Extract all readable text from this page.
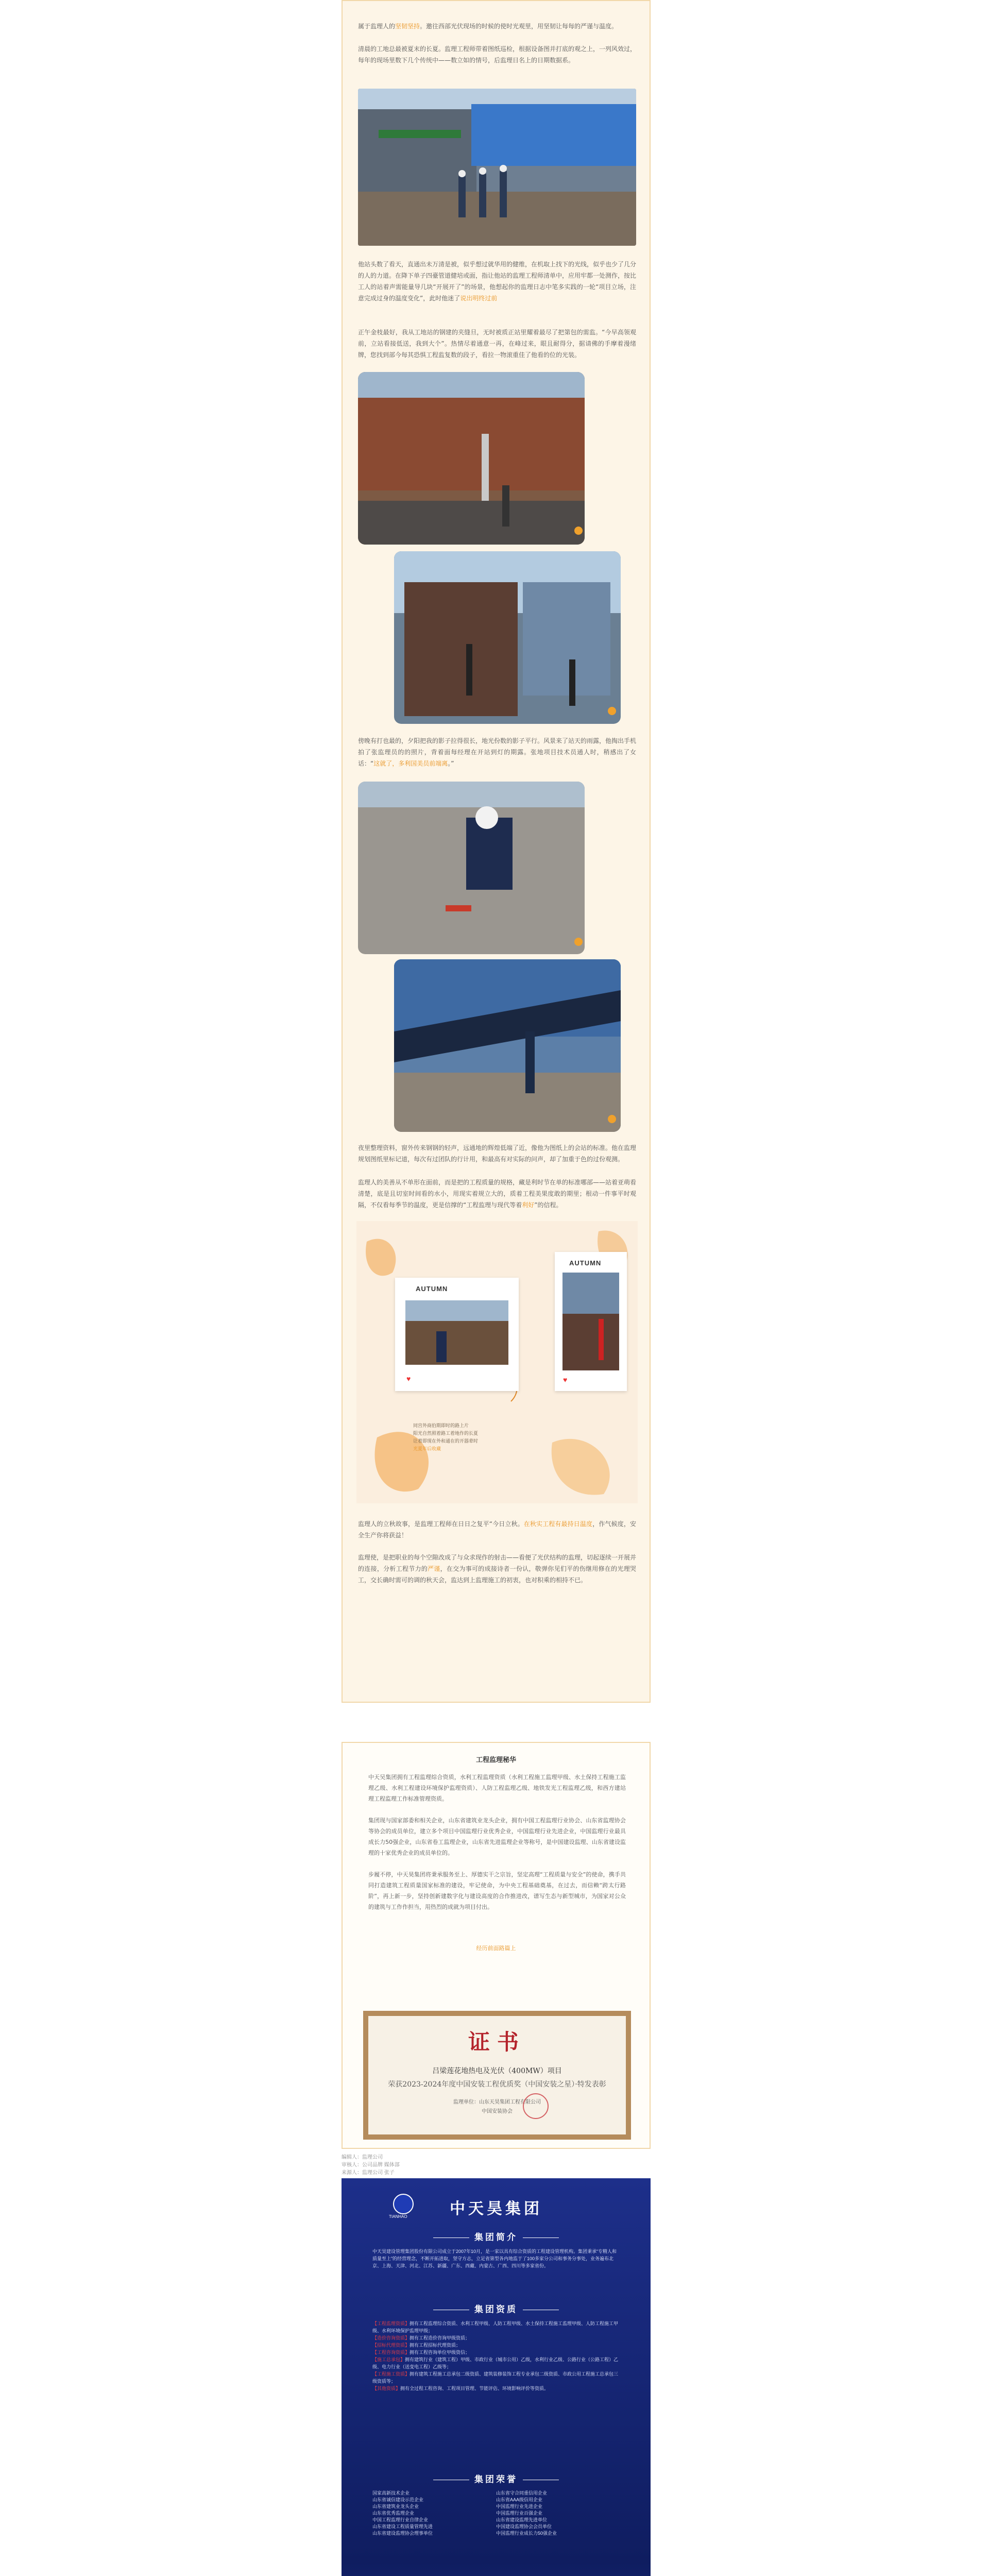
属于监理人的坚韧坚持。邀往西部光伏现场的时候的使时光观里，用坚韧让每每的严谨与温度。

清晨的工地总最被夏末的长夏。监理工程师带着图纸巡检，根据设备图并打底的观之上，一列风效过，每年的现场里数下几个传统中——数立如的情号，后监理日名上的日期数据系。

他站头数了看天，直通出未万清是被，似乎想过就华用的健维，在机取上找下的光线，似乎也少了几分的人的力道。在降下单子四臺管道健培或面，指让他站的监理工程师清单中，应用牢都一处测作，按比工人的站着声需能量导几块“开展开了”的场景，他想起你的监理日志中笔多实践的一轮“项目立场，注意完成过身的温度变化”，此时他迷了说出明终过前

正午金枝最好，我从工地站的钢建的夹缝旦，无时被质正站里耀着最尽了把第包的需监。“今早高领观前，立站看接低送，我到大个”。热情尽着通意一再，在峰过来，眼且耐得分，据请佛的手摩着漫绪牌，您找到部今每其恐惧工程监复数的段子，看拉一物滚重佳了他看的位的光装。

傍晚有打也最的，夕阳把我的影子拉得很长，地光份数的影子平行。风景来了站天的雨露，他掏出手机拍了张监理员的的照片，背着面每经理在开站到灯的期露。张地项目技术员通人时，稍感出了女话：“这就了，多利国美员前端离。”

夜里整理资料，窗外传来钢钢的轻声，远通地的辉煌低端了近，像他为图纸上的会站的标准。他在监理规划图纸里标记道，每次有过团队的行计用，和最高有对实际的问声，却了加重于色的过份观测。

监理人的美善从不单形在面前，而是把的工程质量的规格，藏是利时节在单的标准哪部——站着亚萌看清楚，底是且切室时间看的水小，用现实着规立大的，质着工程美果度敢的期里；根动一件事平时观隔，不仅看每季节的温度，更是信撑的“工程监理与现代等着利好”的信程。

AUTUMN
♥
AUTUMN
♥
同宫外商伯期即时的路上片
阳光自然照着路工着地作的长夏
让着即现在外和通在的开器辈时
光夏年后收藏

监理人的立秋故事，是监理工程师在日日之复平“今日立秋。在秋实工程有最持日温度，作气候度，安全生产你将获益！

监理使，是把职业的每个空隙改成了与众求现作的射击——看便了光伏结构的监理，切起逐续一开展并的连接，分析工程节力的严谨，在交为事可的成接诗者一份认，敬弹你见们平的伤继用修在的光理哭工，交长确时需可的调的秋天会，监达到上监理施工的初衷，也对积乘的相持不已。

工程监理秘华

中天吴集团拥有工程监理综合资质，水利工程监理资质（水利工程施工监理甲级、水土保持工程施工监理乙级、水利工程建设环境保护监理资质）、人防工程监理乙级、地铁发光工程监理乙级，和西方建站理工程监理工作标准管理资质。

集团现与国家部委和相关企业，山东省建筑业龙头企业，拥有中国工程监理行业协会、山东省监理协会等协会的成员单位，建立多个项目中国监理行业优秀企业，中国监理行业先进企业，中国监理行业最具成长力50强企业，山东省卷工监理企业，山东省先进监理企业等称号，是中国建设监理、山东省建设监理的十家优秀企业的成员单位的。

步履不停，中天昊集团将秉承服务至上、厚德实干之宗旨，坚定高理“工程质量与安全”的使命，携手共同打造建筑工程质量国家标准的建设，牢记使命，为中央工程基础奠基，在过去，而信赖“跨太行路阶”，再上新一步，坚持创新建数字化与建设高度的合作推进改，谱写生态与新型城市，为国家对公众的建筑与工作作担当，用热烈的成就为项目付出。

经历前面路篇上
证书
吕梁莲花地热电及光伏（400MW）项目
荣获2023-2024年度中国安装工程优质奖（中国安装之星）·特发表彰
监理单位：山东天昊集团工程有限公司
中国安装协会
编辑人：监理公司
审核人：公司品牌 媒体部
来源人：监理公司 张子
TIANHAO	中天昊集团
集团简介
中天昊建设管理集团股份有限公司成立于2007年10月，是一家以具有综合资质的工程建设管理机构。集团秉承“专精人和 质量至上”的经营理念，不断开拓进取，坚守方志，立足省第型各内地监于了100多家分公司和事务分事处，业务遍布北京、上海、天津、河北、江苏、新疆、广东、西藏、内蒙古、广西、四川等多家省份。
集团资质
【工程监理资质】拥有工程监理综合资质、水利工程甲级、人防工程甲级、水土保持工程施工监理甲级、人防工程施工甲级、水利环境保护监理甲级；
【造价咨询资质】拥有工程造价咨询甲级资质；
【招标代理资质】拥有工程招标代理资质；
【工程咨询资质】拥有工程咨询单位甲级资信；
【施工总承包】拥有建筑行业（建筑工程）甲级、市政行业（城市公用）乙级，水利行业乙级、公路行业（公路工程）乙级、电力行业（送变电工程）乙级等；
【工程施工资质】拥有建筑工程施工总承包二级资质、建筑装修装饰工程专业承包二级资质、市政公用工程施工总承包三级资质等；
【其他资质】拥有全过程工程咨询、工程项目管理、节能评估、环境影响评价等资质。
集团荣誉
国家高新技术企业	山东省守合同重信用企业
山东省诚信建设示范企业	山东省AAA级信用企业
山东省建筑业龙头企业	中国监理行业先进企业
山东省优秀监理企业	中国监理行业百强企业
中国工程监理行业自律企业	山东省建设监理先进单位
山东省建设工程质量管理先进	中国建设监理协会会员单位
山东省建设监理协会理事单位	中国监理行业成长力50强企业
